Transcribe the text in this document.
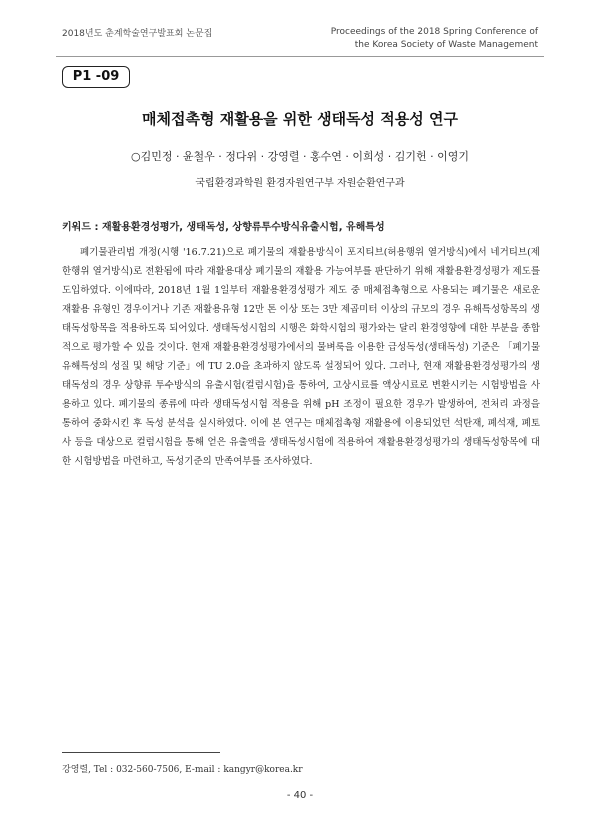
2018년도 춘계학술연구발표회 논문집	Proceedings of the 2018 Spring Conference of
the Korea Society of Waste Management
P1 -09
매체접촉형 재활용을 위한 생태독성 적용성 연구
○김민정 · 윤철우 · 정다위 · 강영렬 · 홍수연 · 이희성 · 김기헌 · 이영기
국립환경과학원 환경자원연구부 자원순환연구과
키워드 : 재활용환경성평가, 생태독성, 상향류투수방식유출시험, 유해특성

폐기물관리법 개정(시행 '16.7.21)으로 폐기물의 재활용방식이 포지티브(허용행위 열거방식)에서 네거티브(제한행위 열거방식)로 전환됨에 따라 재활용대상 폐기물의 재활용 가능여부를 판단하기 위해 재활용환경성평가 제도를 도입하였다. 이에따라, 2018년 1월 1일부터 재활용환경성평가 제도 중 매체접촉형으로 사용되는 폐기물은 새로운 재활용 유형인 경우이거나 기존 재활용유형 12만 톤 이상 또는 3만 제곱미터 이상의 규모의 경우 유해특성항목의 생태독성항목을 적용하도록 되어있다. 생태독성시험의 시행은 화학시험의 평가와는 달리 환경영향에 대한 부분을 종합적으로 평가할 수 있을 것이다. 현재 재활용환경성평가에서의 물벼룩을 이용한 급성독성(생태독성) 기준은 「폐기물 유해특성의 성질 및 해당 기준」에 TU 2.0을 초과하지 않도록 설정되어 있다. 그러나, 현재 재활용환경성평가의 생태독성의 경우 상향류 투수방식의 유출시험(컬럼시험)을 통하여, 고상시료를 액상시료로 변환시키는 시험방법을 사용하고 있다. 폐기물의 종류에 따라 생태독성시험 적용을 위해 pH 조정이 필요한 경우가 발생하여, 전처리 과정을 통하여 중화시킨 후 독성 분석을 실시하였다. 이에 본 연구는 매체접촉형 재활용에 이용되었던 석탄재, 폐석재, 폐토사 등을 대상으로 컬럼시험을 통해 얻은 유출액을 생태독성시험에 적용하여 재활용환경성평가의 생태독성항목에 대한 시험방법을 마련하고, 독성기준의 만족여부를 조사하였다.

강영렬, Tel : 032-560-7506, E-mail : kangyr@korea.kr
- 40 -
